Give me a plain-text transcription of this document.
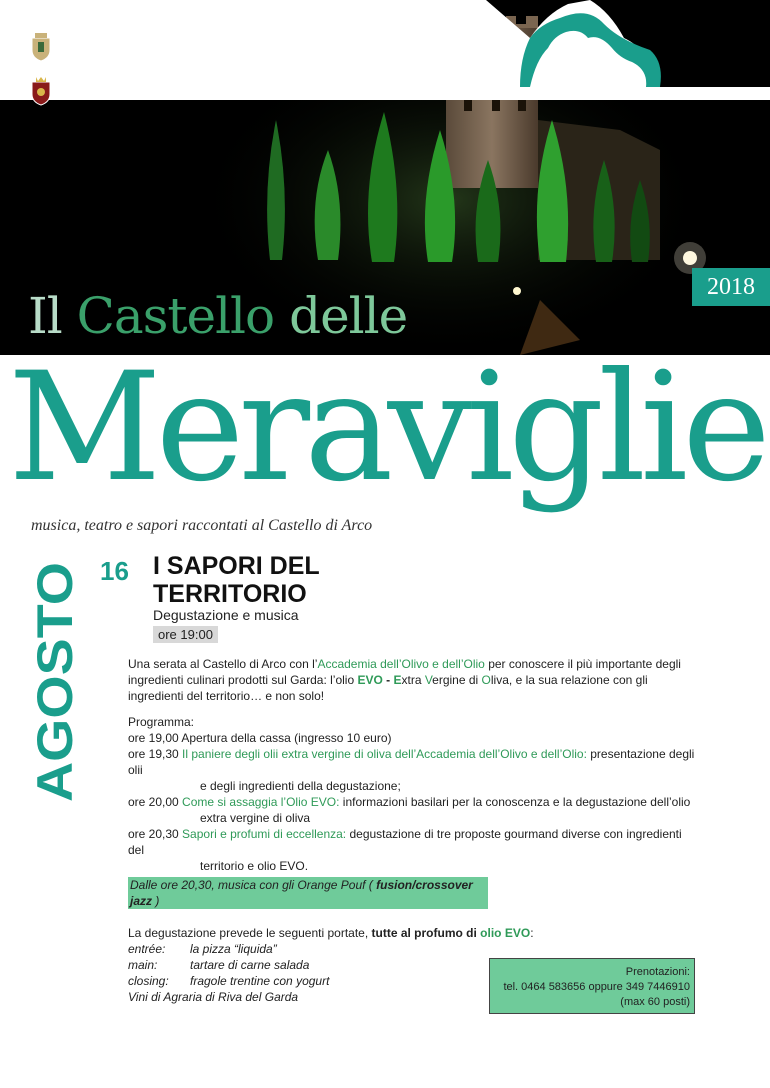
COMUNE DI ARCO
Delega consiliare alla Valorizzazione
del Castello e dell'Olivaia
PROVINCIA AUTONOMA DI TRENTO
Servizio Attività Culturali
2018
Il Castello delle
Meraviglie
musica, teatro e sapori raccontati al Castello di Arco
AGOSTO
16 I SAPORI DEL
TERRITORIO
Degustazione e musica
ore 19:00

Una serata al Castello di Arco con l’Accademia dell’Olivo e dell’Olio per conoscere il più importante degli ingredienti culinari prodotti sul Garda: l’olio EVO - Extra Vergine di Oliva, e la sua relazione con gli ingredienti del territorio… e non solo!

Programma:

ore 19,00 Apertura della cassa (ingresso 10 euro)

ore 19,30 Il paniere degli olii extra vergine di oliva dell’Accademia dell’Olivo e dell’Olio: presentazione degli olii

e degli ingredienti della degustazione;

ore 20,00 Come si assaggia l’Olio EVO: informazioni basilari per la conoscenza e la degustazione dell’olio

extra vergine di oliva

ore 20,30 Sapori e profumi di eccellenza: degustazione di tre proposte gourmand diverse con ingredienti del

territorio e olio EVO.

Dalle ore 20,30, musica con gli Orange Pouf ( fusion/crossover jazz )
La degustazione prevede le seguenti portate, tutte al profumo di olio EVO:
entrée:	la pizza “liquida”
main:	tartare di carne salada
closing:	fragole trentine con yogurt
Vini di Agraria di Riva del Garda
Prenotazioni:
tel. 0464 583656 oppure 349 7446910
(max 60 posti)
